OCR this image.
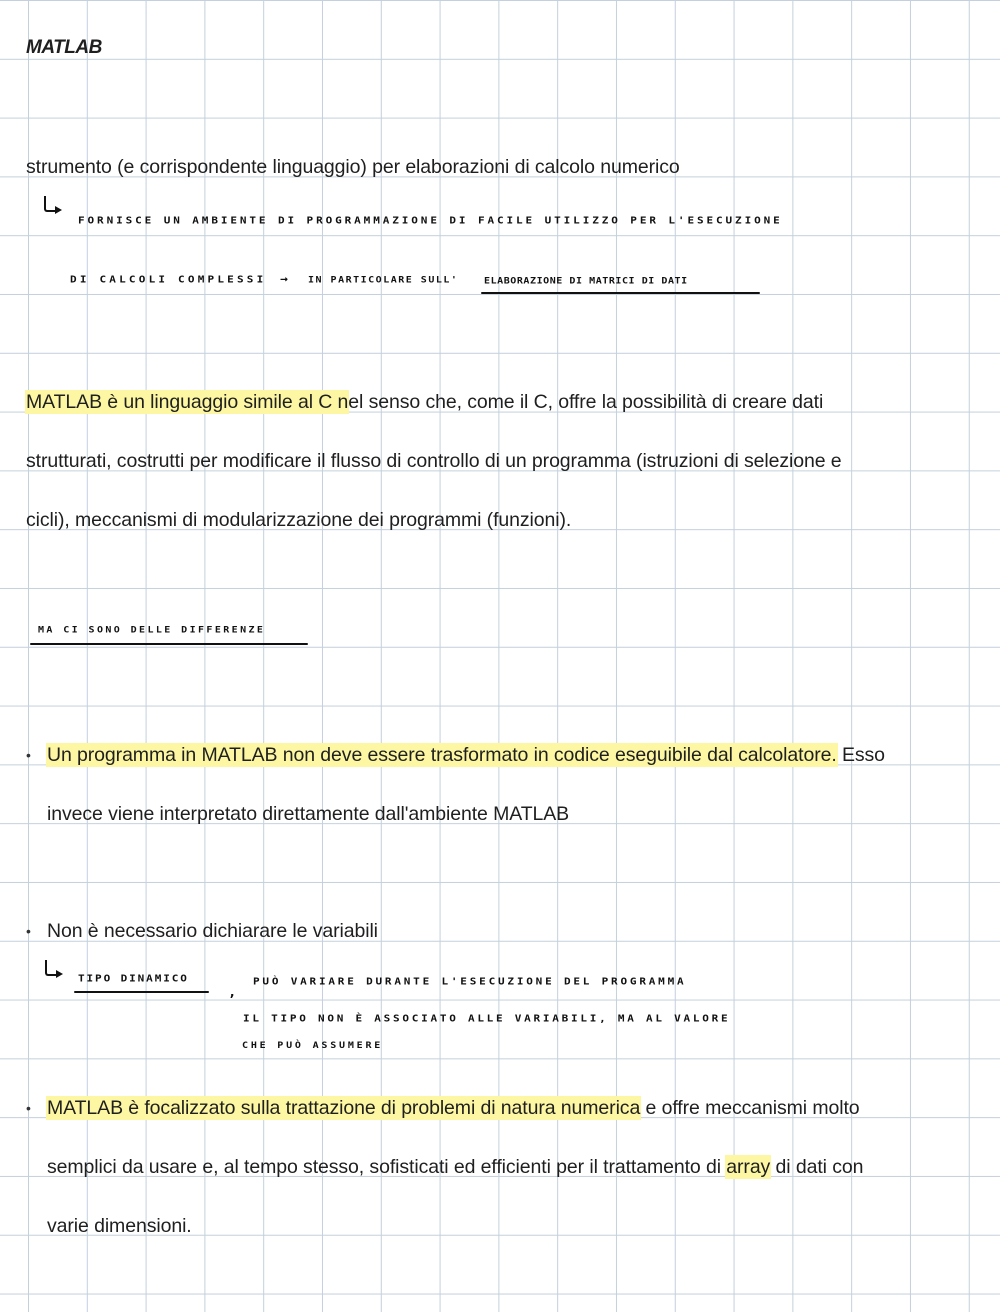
MATLAB
strumento (e corrispondente linguaggio) per elaborazioni di calcolo numerico
FORNISCE UN AMBIENTE DI PROGRAMMAZIONE DI FACILE UTILIZZO PER L'ESECUZIONE
DI CALCOLI COMPLESSI → IN PARTICOLARE SULL'	ELABORAZIONE DI MATRICI DI DATI
MATLAB è un linguaggio simile al C nel senso che, come il C, offre la possibilità di creare dati
strutturati, costrutti per modificare il flusso di controllo di un programma (istruzioni di selezione e
cicli), meccanismi di modularizzazione dei programmi (funzioni).
MA CI SONO DELLE DIFFERENZE
• Un programma in MATLAB non deve essere trasformato in codice eseguibile dal calcolatore. Esso
invece viene interpretato direttamente dall'ambiente MATLAB
• Non è necessario dichiarare le variabili
TIPO DINAMICO
,
PUÒ VARIARE DURANTE L'ESECUZIONE DEL PROGRAMMA
IL TIPO NON È ASSOCIATO ALLE VARIABILI, MA AL VALORE
CHE PUÒ ASSUMERE
• MATLAB è focalizzato sulla trattazione di problemi di natura numerica e offre meccanismi molto
semplici da usare e, al tempo stesso, sofisticati ed efficienti per il trattamento di array di dati con
varie dimensioni.
